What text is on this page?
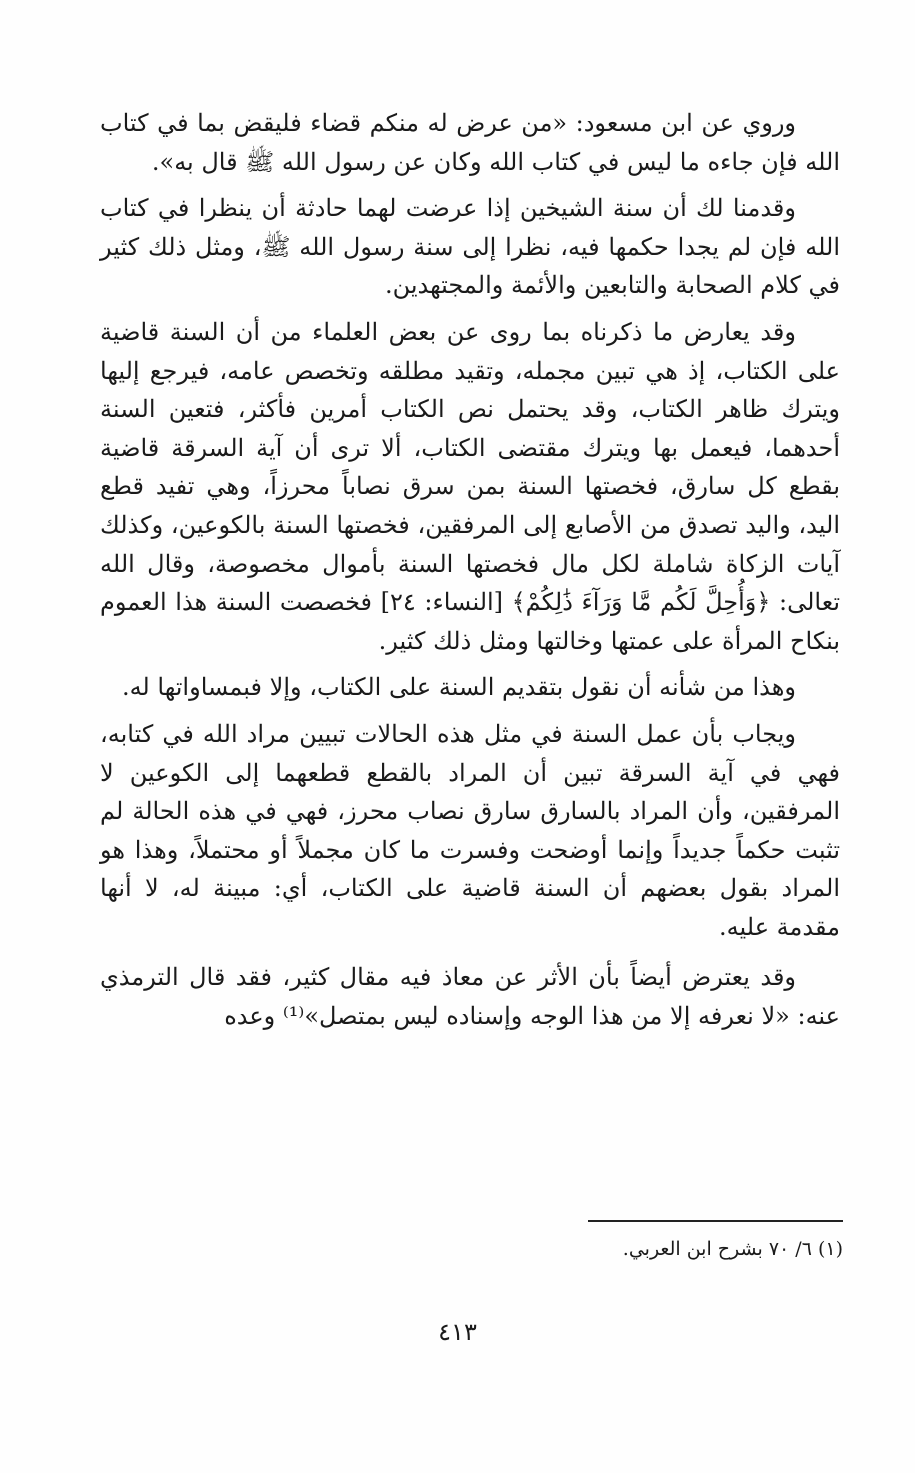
وروي عن ابن مسعود: «من عرض له منكم قضاء فليقض بما في كتاب الله فإن جاءه ما ليس في كتاب الله وكان عن رسول الله ﷺ قال به».

وقدمنا لك أن سنة الشيخين إذا عرضت لهما حادثة أن ينظرا في كتاب الله فإن لم يجدا حكمها فيه، نظرا إلى سنة رسول الله ﷺ، ومثل ذلك كثير في كلام الصحابة والتابعين والأئمة والمجتهدين.

وقد يعارض ما ذكرناه بما روى عن بعض العلماء من أن السنة قاضية على الكتاب، إذ هي تبين مجمله، وتقيد مطلقه وتخصص عامه، فيرجع إليها ويترك ظاهر الكتاب، وقد يحتمل نص الكتاب أمرين فأكثر، فتعين السنة أحدهما، فيعمل بها ويترك مقتضى الكتاب، ألا ترى أن آية السرقة قاضية بقطع كل سارق، فخصتها السنة بمن سرق نصاباً محرزاً، وهي تفيد قطع اليد، واليد تصدق من الأصابع إلى المرفقين، فخصتها السنة بالكوعين، وكذلك آيات الزكاة شاملة لكل مال فخصتها السنة بأموال مخصوصة، وقال الله تعالى: ﴿وَأُحِلَّ لَكُم مَّا وَرَآءَ ذَٰلِكُمْ﴾ [النساء: ٢٤] فخصصت السنة هذا العموم بنكاح المرأة على عمتها وخالتها ومثل ذلك كثير.

وهذا من شأنه أن نقول بتقديم السنة على الكتاب، وإلا فبمساواتها له.

ويجاب بأن عمل السنة في مثل هذه الحالات تبيين مراد الله في كتابه، فهي في آية السرقة تبين أن المراد بالقطع قطعهما إلى الكوعين لا المرفقين، وأن المراد بالسارق سارق نصاب محرز، فهي في هذه الحالة لم تثبت حكماً جديداً وإنما أوضحت وفسرت ما كان مجملاً أو محتملاً، وهذا هو المراد بقول بعضهم أن السنة قاضية على الكتاب، أي: مبينة له، لا أنها مقدمة عليه.

وقد يعترض أيضاً بأن الأثر عن معاذ فيه مقال كثير، فقد قال الترمذي عنه: «لا نعرفه إلا من هذا الوجه وإسناده ليس بمتصل»⁽¹⁾ وعده

(١) ٦/ ٧٠ بشرح ابن العربي.
٤١٣
